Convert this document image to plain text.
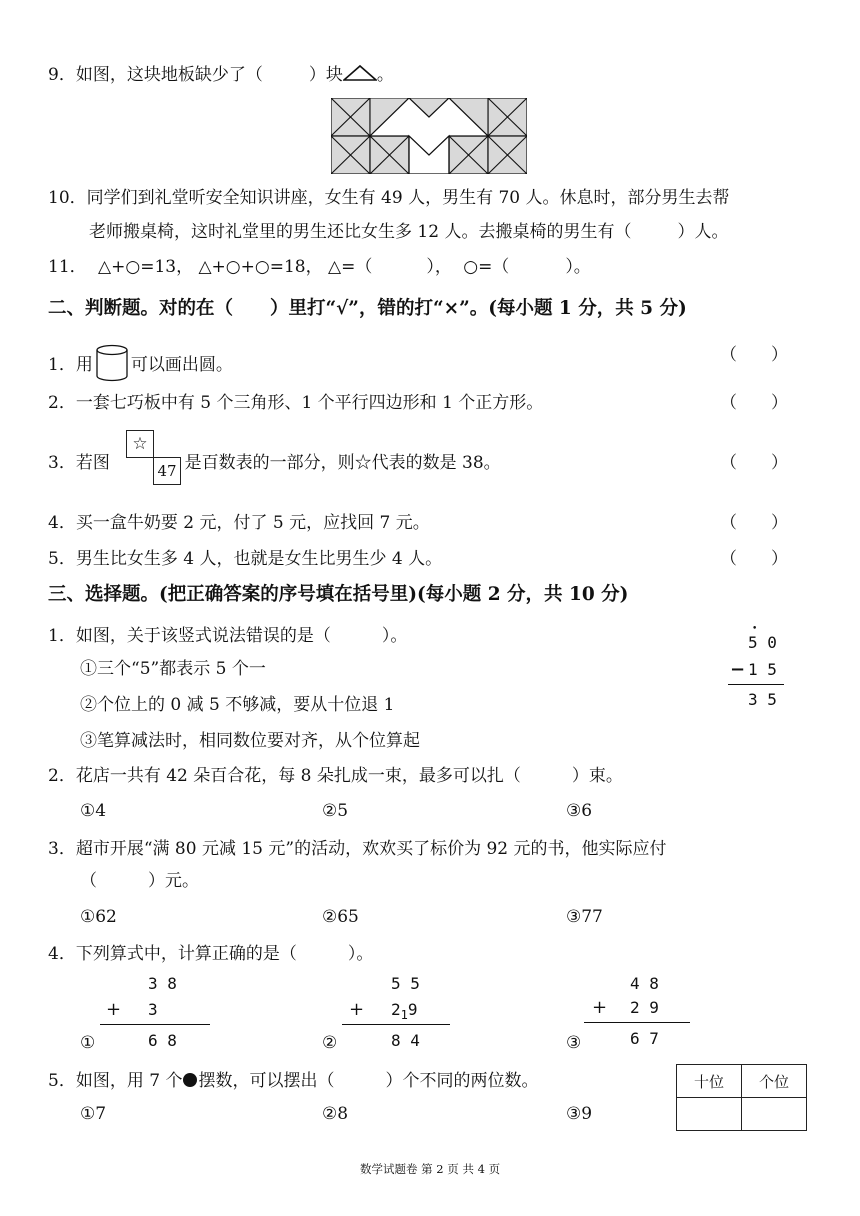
9．如图，这块地板缺少了（	）块 。
10．同学们到礼堂听安全知识讲座，女生有 49 人，男生有 70 人。休息时，部分男生去帮
老师搬桌椅，这时礼堂里的男生还比女生多 12 人。去搬桌椅的男生有（	）人。
11． △+○=13， △+○+○=18， △=（	）， ○=（	）。
二、判断题。对的在（　　）里打“√”，错的打“×”。(每小题 1 分，共 5 分)
1．用 可以画出圆。	（　　）
2．一套七巧板中有 5 个三角形、1 个平行四边形和 1 个正方形。	（　　）
3．若图	是百数表的一部分，则☆代表的数是 38。
☆
47	（　　）
4．买一盒牛奶要 2 元，付了 5 元，应找回 7 元。	（　　）
5．男生比女生多 4 人，也就是女生比男生少 4 人。	（　　）
三、选择题。(把正确答案的序号填在括号里)(每小题 2 分，共 10 分)
1．如图，关于该竖式说法错误的是（　　　）。
①三个“5”都表示 5 个一
②个位上的 0 减 5 不够减，要从十位退 1
③笔算减法时，相同数位要对齐，从个位算起
•
5 0
− 1 5
3 5
2．花店一共有 42 朵百合花，每 8 朵扎成一束，最多可以扎（　　　）束。
①4	②5	③6
3．超市开展“满 80 元减 15 元”的活动，欢欢买了标价为 92 元的书，他实际应付
（　　　）元。
①62	②65	③77
4．下列算式中，计算正确的是（　　　）。
3 8
+ 3
①	6 8
5 5
+ $2_19$
②	8 4
4 8
+ 2 9
③	6 7
5．如图，用 7 个 摆数，可以摆出（　　　）个不同的两位数。
①7	②8	③9
十位	个位

数学试题卷 第 2 页 共 4 页
